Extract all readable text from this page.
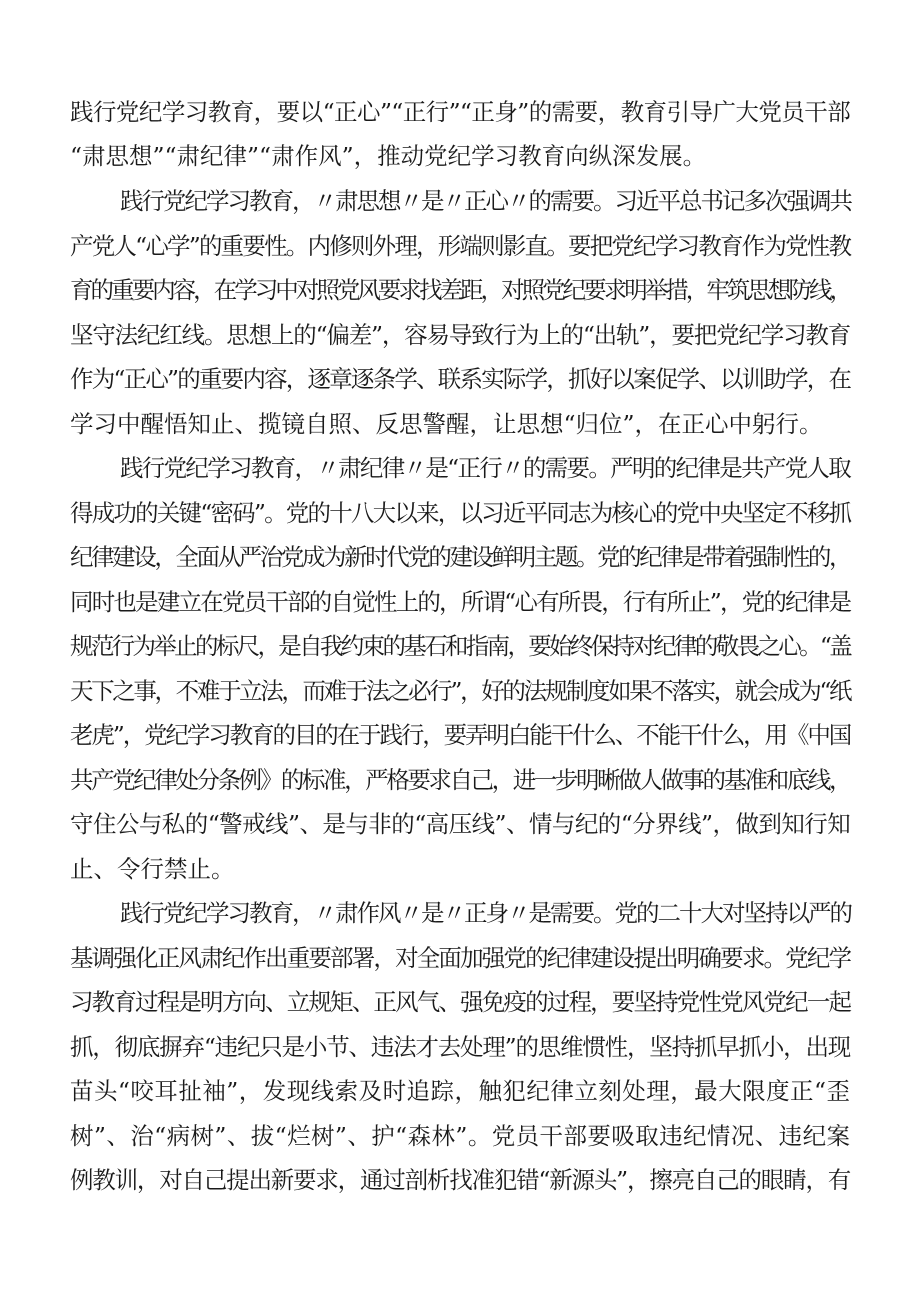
践行党纪学习教育，要以“正心”“正行”“正身”的需要，教育引导广大党员干部
“肃思想”“肃纪律”“肃作风”，推动党纪学习教育向纵深发展。
践行党纪学习教育，〃肃思想〃是〃正心〃的需要。习近平总书记多次强调共
产党人“心学”的重要性。内修则外理，形端则影直。要把党纪学习教育作为党性教
育的重要内容，在学习中对照党风要求找差距，对照党纪要求明举措，牢筑思想防线，
坚守法纪红线。思想上的“偏差”，容易导致行为上的“出轨”，要把党纪学习教育
作为“正心”的重要内容，逐章逐条学、联系实际学，抓好以案促学、以训助学，在
学习中醒悟知止、揽镜自照、反思警醒，让思想“归位”，在正心中躬行。
践行党纪学习教育，〃肃纪律〃是“正行〃的需要。严明的纪律是共产党人取
得成功的关键“密码”。党的十八大以来，以习近平同志为核心的党中央坚定不移抓
纪律建设，全面从严治党成为新时代党的建设鲜明主题。党的纪律是带着强制性的，
同时也是建立在党员干部的自觉性上的，所谓“心有所畏，行有所止”，党的纪律是
规范行为举止的标尺，是自我约束的基石和指南，要始终保持对纪律的敬畏之心。“盖
天下之事，不难于立法，而难于法之必行”，好的法规制度如果不落实，就会成为“纸
老虎”，党纪学习教育的目的在于践行，要弄明白能干什么、不能干什么，用《中国
共产党纪律处分条例》的标准，严格要求自己，进一步明晰做人做事的基准和底线，
守住公与私的“警戒线”、是与非的“高压线”、情与纪的“分界线”，做到知行知
止、令行禁止。
践行党纪学习教育，〃肃作风〃是〃正身〃是需要。党的二十大对坚持以严的
基调强化正风肃纪作出重要部署，对全面加强党的纪律建设提出明确要求。党纪学
习教育过程是明方向、立规矩、正风气、强免疫的过程，要坚持党性党风党纪一起
抓，彻底摒弃“违纪只是小节、违法才去处理”的思维惯性，坚持抓早抓小，出现
苗头“咬耳扯袖”，发现线索及时追踪，触犯纪律立刻处理，最大限度正“歪
树”、治“病树”、拔“烂树”、护“森林”。党员干部要吸取违纪情况、违纪案
例教训，对自己提出新要求，通过剖析找准犯错“新源头”，擦亮自己的眼睛，有
